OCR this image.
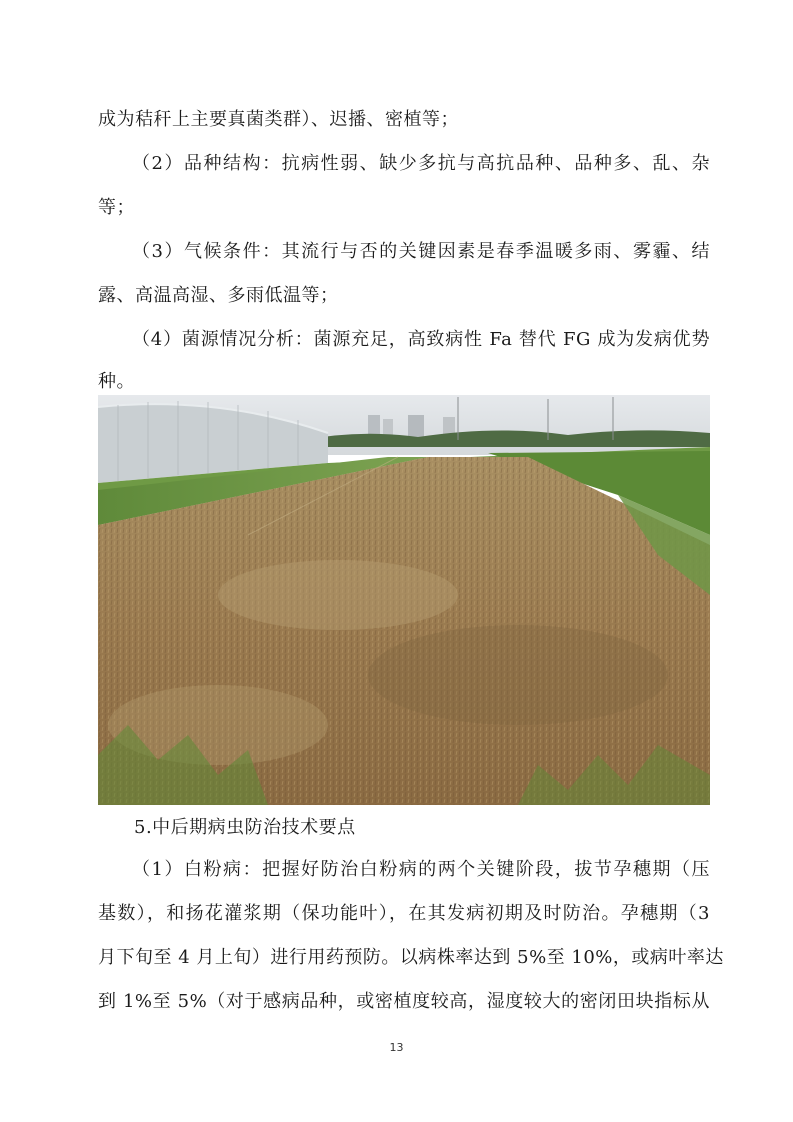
成为秸秆上主要真菌类群）、迟播、密植等；
（2）品种结构：抗病性弱、缺少多抗与高抗品种、品种多、乱、杂
等；
（3）气候条件：其流行与否的关键因素是春季温暖多雨、雾霾、结
露、高温高湿、多雨低温等；
（4）菌源情况分析：菌源充足，高致病性 Fa 替代 FG 成为发病优势
种。
5.中后期病虫防治技术要点
（1）白粉病：把握好防治白粉病的两个关键阶段，拔节孕穗期（压
基数），和扬花灌浆期（保功能叶），在其发病初期及时防治。孕穗期（3
月下旬至 4 月上旬）进行用药预防。以病株率达到 5%至 10%，或病叶率达
到 1%至 5%（对于感病品种，或密植度较高，湿度较大的密闭田块指标从
13
